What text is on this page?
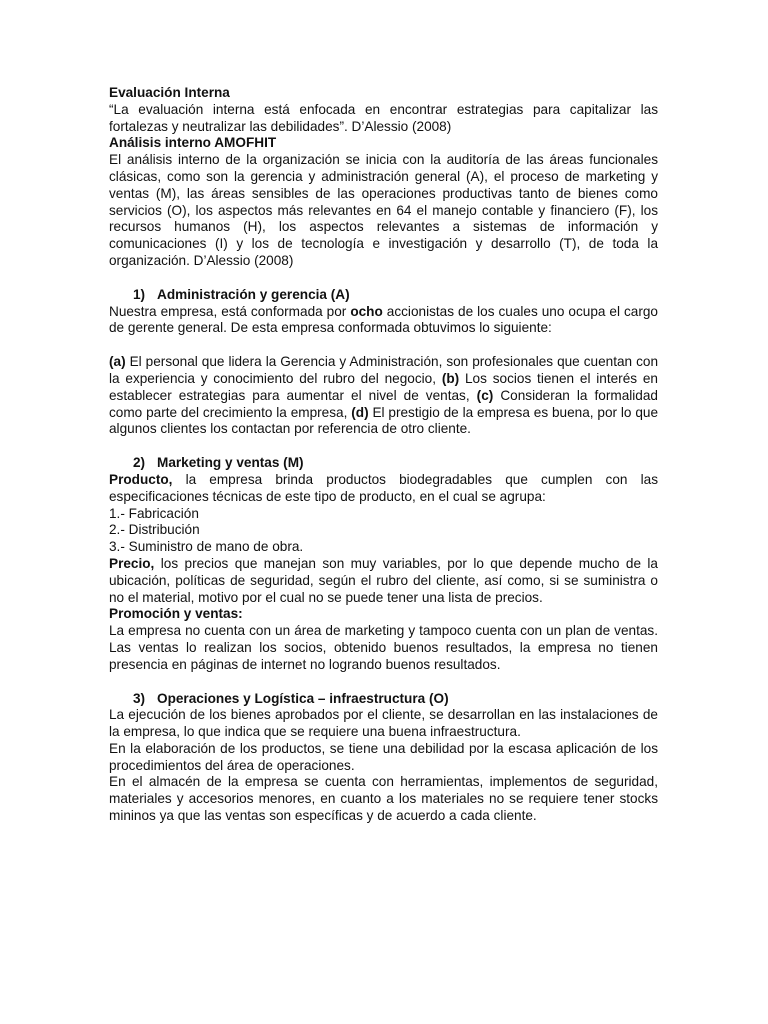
Evaluación Interna

“La evaluación interna está enfocada en encontrar estrategias para capitalizar las fortalezas y neutralizar las debilidades”. D’Alessio (2008)

Análisis interno AMOFHIT

El análisis interno de la organización se inicia con la auditoría de las áreas funcionales clásicas, como son la gerencia y administración general (A), el proceso de marketing y ventas (M), las áreas sensibles de las operaciones productivas tanto de bienes como servicios (O), los aspectos más relevantes en 64 el manejo contable y financiero (F), los recursos humanos (H), los aspectos relevantes a sistemas de información y comunicaciones (I) y los de tecnología e investigación y desarrollo (T), de toda la organización. D’Alessio (2008)

1) Administración y gerencia (A)

Nuestra empresa, está conformada por ocho accionistas de los cuales uno ocupa el cargo de gerente general. De esta empresa conformada obtuvimos lo siguiente:

(a) El personal que lidera la Gerencia y Administración, son profesionales que cuentan con la experiencia y conocimiento del rubro del negocio, (b) Los socios tienen el interés en establecer estrategias para aumentar el nivel de ventas, (c) Consideran la formalidad como parte del crecimiento la empresa, (d) El prestigio de la empresa es buena, por lo que algunos clientes los contactan por referencia de otro cliente.

2) Marketing y ventas (M)

Producto, la empresa brinda productos biodegradables que cumplen con las especificaciones técnicas de este tipo de producto, en el cual se agrupa:

1.- Fabricación

2.- Distribución

3.- Suministro de mano de obra.

Precio, los precios que manejan son muy variables, por lo que depende mucho de la ubicación, políticas de seguridad, según el rubro del cliente, así como, si se suministra o no el material, motivo por el cual no se puede tener una lista de precios.

Promoción y ventas:

La empresa no cuenta con un área de marketing y tampoco cuenta con un plan de ventas. Las ventas lo realizan los socios, obtenido buenos resultados, la empresa no tienen presencia en páginas de internet no logrando buenos resultados.

3) Operaciones y Logística – infraestructura (O)

La ejecución de los bienes aprobados por el cliente, se desarrollan en las instalaciones de la empresa, lo que indica que se requiere una buena infraestructura.

En la elaboración de los productos, se tiene una debilidad por la escasa aplicación de los procedimientos del área de operaciones.

En el almacén de la empresa se cuenta con herramientas, implementos de seguridad, materiales y accesorios menores, en cuanto a los materiales no se requiere tener stocks mininos ya que las ventas son específicas y de acuerdo a cada cliente.
